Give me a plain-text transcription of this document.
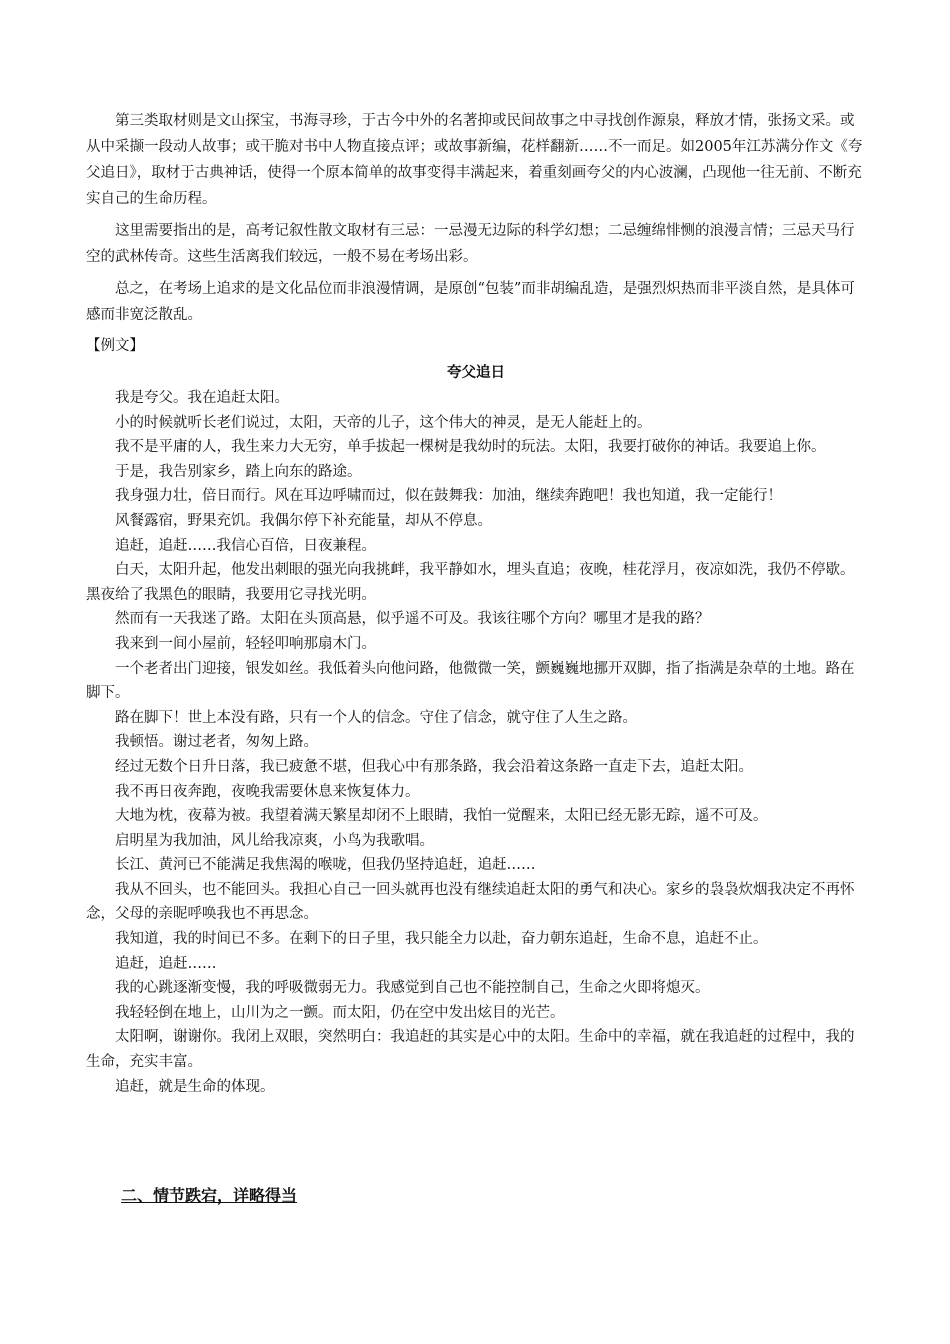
第三类取材则是文山探宝，书海寻珍，于古今中外的名著抑或民间故事之中寻找创作源泉，释放才情，张扬文采。或从中采撷一段动人故事；或干脆对书中人物直接点评；或故事新编，花样翻新……不一而足。如2005年江苏满分作文《夸父追日》，取材于古典神话，使得一个原本简单的故事变得丰满起来，着重刻画夸父的内心波澜，凸现他一往无前、不断充实自己的生命历程。

这里需要指出的是，高考记叙性散文取材有三忌：一忌漫无边际的科学幻想；二忌缠绵悱恻的浪漫言情；三忌天马行空的武林传奇。这些生活离我们较远，一般不易在考场出彩。

总之，在考场上追求的是文化品位而非浪漫情调，是原创“包装”而非胡编乱造，是强烈炽热而非平淡自然，是具体可感而非宽泛散乱。

【例文】

夸父追日

我是夸父。我在追赶太阳。

小的时候就听长老们说过，太阳，天帝的儿子，这个伟大的神灵，是无人能赶上的。

我不是平庸的人，我生来力大无穷，单手拔起一棵树是我幼时的玩法。太阳，我要打破你的神话。我要追上你。

于是，我告别家乡，踏上向东的路途。

我身强力壮，倍日而行。风在耳边呼啸而过，似在鼓舞我：加油，继续奔跑吧！我也知道，我一定能行！

风餐露宿，野果充饥。我偶尔停下补充能量，却从不停息。

追赶，追赶……我信心百倍，日夜兼程。

白天，太阳升起，他发出刺眼的强光向我挑衅，我平静如水，埋头直追；夜晚，桂花浮月，夜凉如洗，我仍不停歇。黑夜给了我黑色的眼睛，我要用它寻找光明。

然而有一天我迷了路。太阳在头顶高悬，似乎遥不可及。我该往哪个方向？哪里才是我的路？

我来到一间小屋前，轻轻叩响那扇木门。

一个老者出门迎接，银发如丝。我低着头向他问路，他微微一笑，颤巍巍地挪开双脚，指了指满是杂草的土地。路在脚下。

路在脚下！世上本没有路，只有一个人的信念。守住了信念，就守住了人生之路。

我顿悟。谢过老者，匆匆上路。

经过无数个日升日落，我已疲惫不堪，但我心中有那条路，我会沿着这条路一直走下去，追赶太阳。

我不再日夜奔跑，夜晚我需要休息来恢复体力。

大地为枕，夜幕为被。我望着满天繁星却闭不上眼睛，我怕一觉醒来，太阳已经无影无踪，遥不可及。

启明星为我加油，风儿给我凉爽，小鸟为我歌唱。

长江、黄河已不能满足我焦渴的喉咙，但我仍坚持追赶，追赶……

我从不回头，也不能回头。我担心自己一回头就再也没有继续追赶太阳的勇气和决心。家乡的袅袅炊烟我决定不再怀念，父母的亲昵呼唤我也不再思念。

我知道，我的时间已不多。在剩下的日子里，我只能全力以赴，奋力朝东追赶，生命不息，追赶不止。

追赶，追赶……

我的心跳逐渐变慢，我的呼吸微弱无力。我感觉到自己也不能控制自己，生命之火即将熄灭。

我轻轻倒在地上，山川为之一颤。而太阳，仍在空中发出炫目的光芒。

太阳啊，谢谢你。我闭上双眼，突然明白：我追赶的其实是心中的太阳。生命中的幸福，就在我追赶的过程中，我的生命，充实丰富。

追赶，就是生命的体现。

二、情节跌宕，详略得当
